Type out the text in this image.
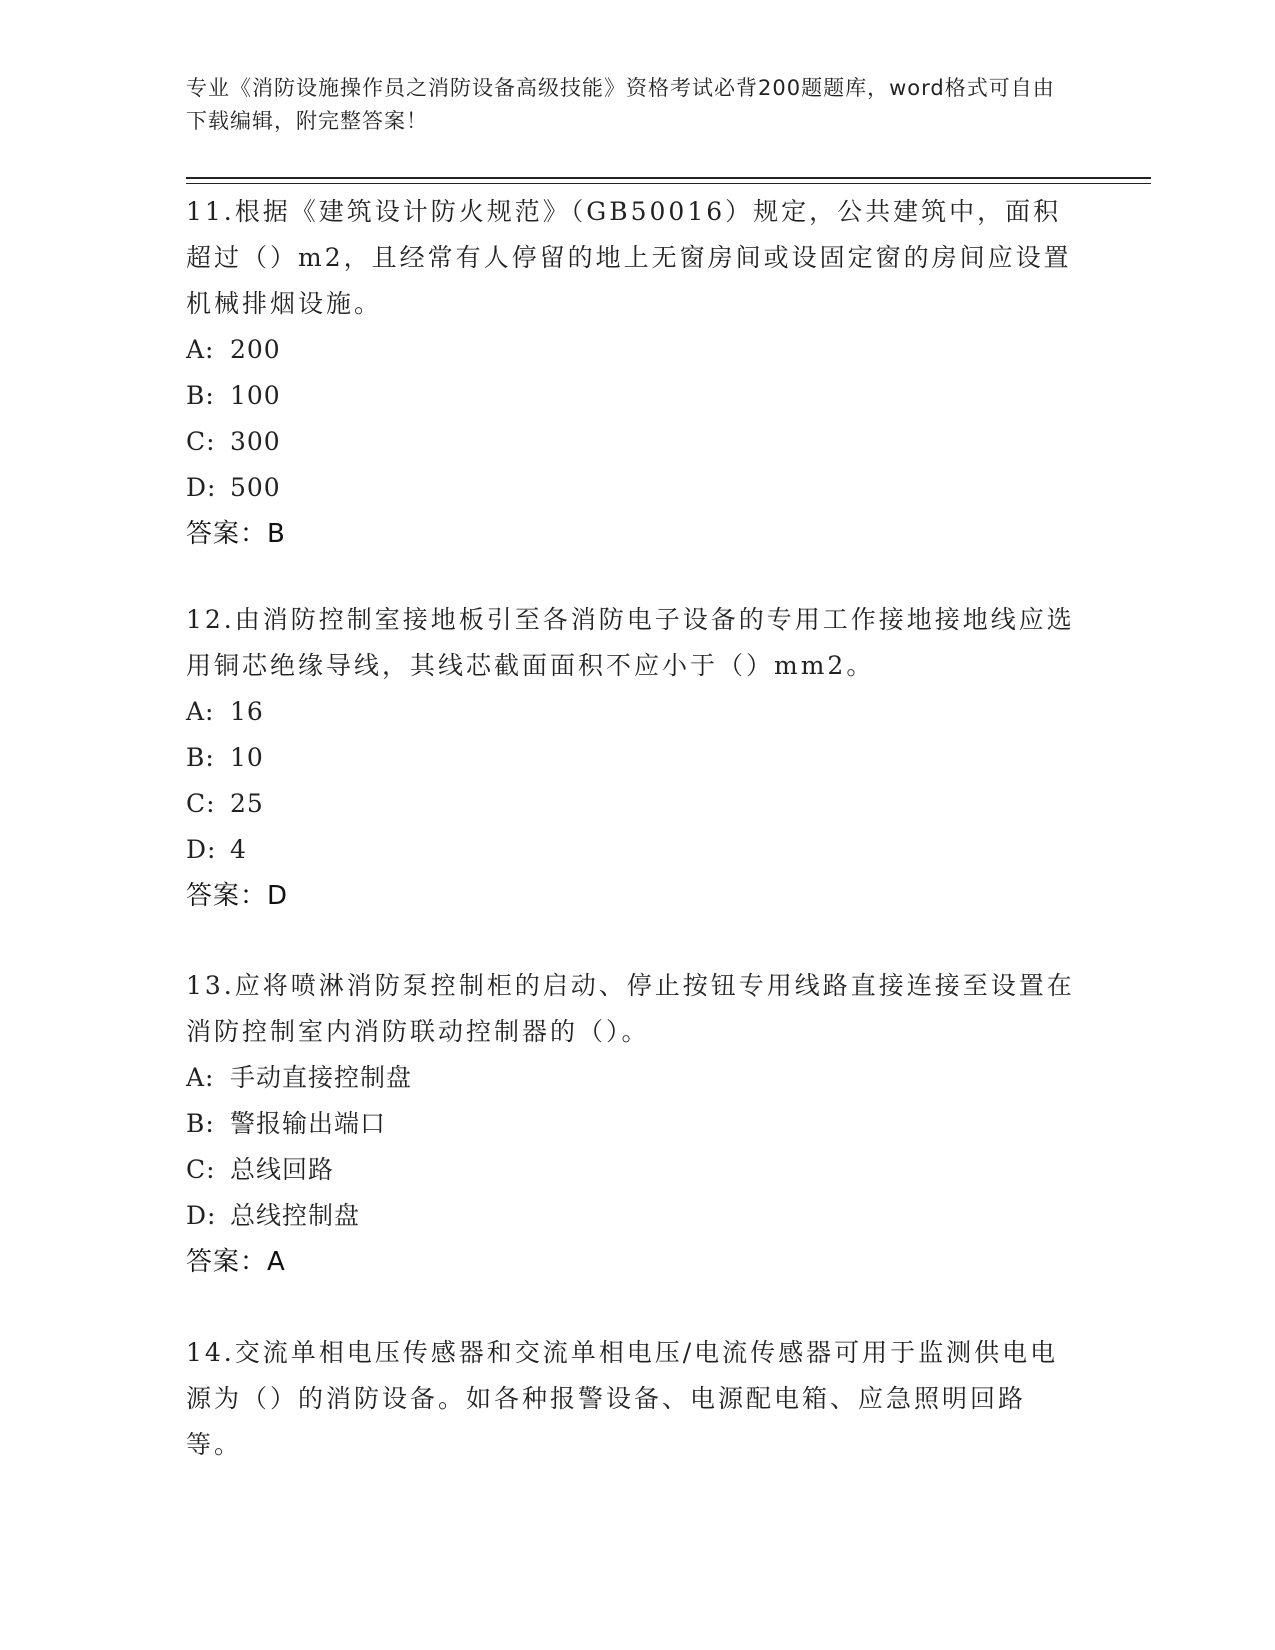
专业《消防设施操作员之消防设备高级技能》资格考试必背200题题库，word格式可自由下载编辑，附完整答案！
11.根据《建筑设计防火规范》（GB50016）规定，公共建筑中，面积超过（）m2，且经常有人停留的地上无窗房间或设固定窗的房间应设置机械排烟设施。
A: 200
B: 100
C: 300
D: 500
答案：B
12.由消防控制室接地板引至各消防电子设备的专用工作接地接地线应选用铜芯绝缘导线，其线芯截面面积不应小于（）mm2。
A: 16
B: 10
C: 25
D: 4
答案：D
13.应将喷淋消防泵控制柜的启动、停止按钮专用线路直接连接至设置在消防控制室内消防联动控制器的（）。
A: 手动直接控制盘
B: 警报输出端口
C: 总线回路
D: 总线控制盘
答案：A
14.交流单相电压传感器和交流单相电压/电流传感器可用于监测供电电源为（）的消防设备。如各种报警设备、电源配电箱、应急照明回路等。
